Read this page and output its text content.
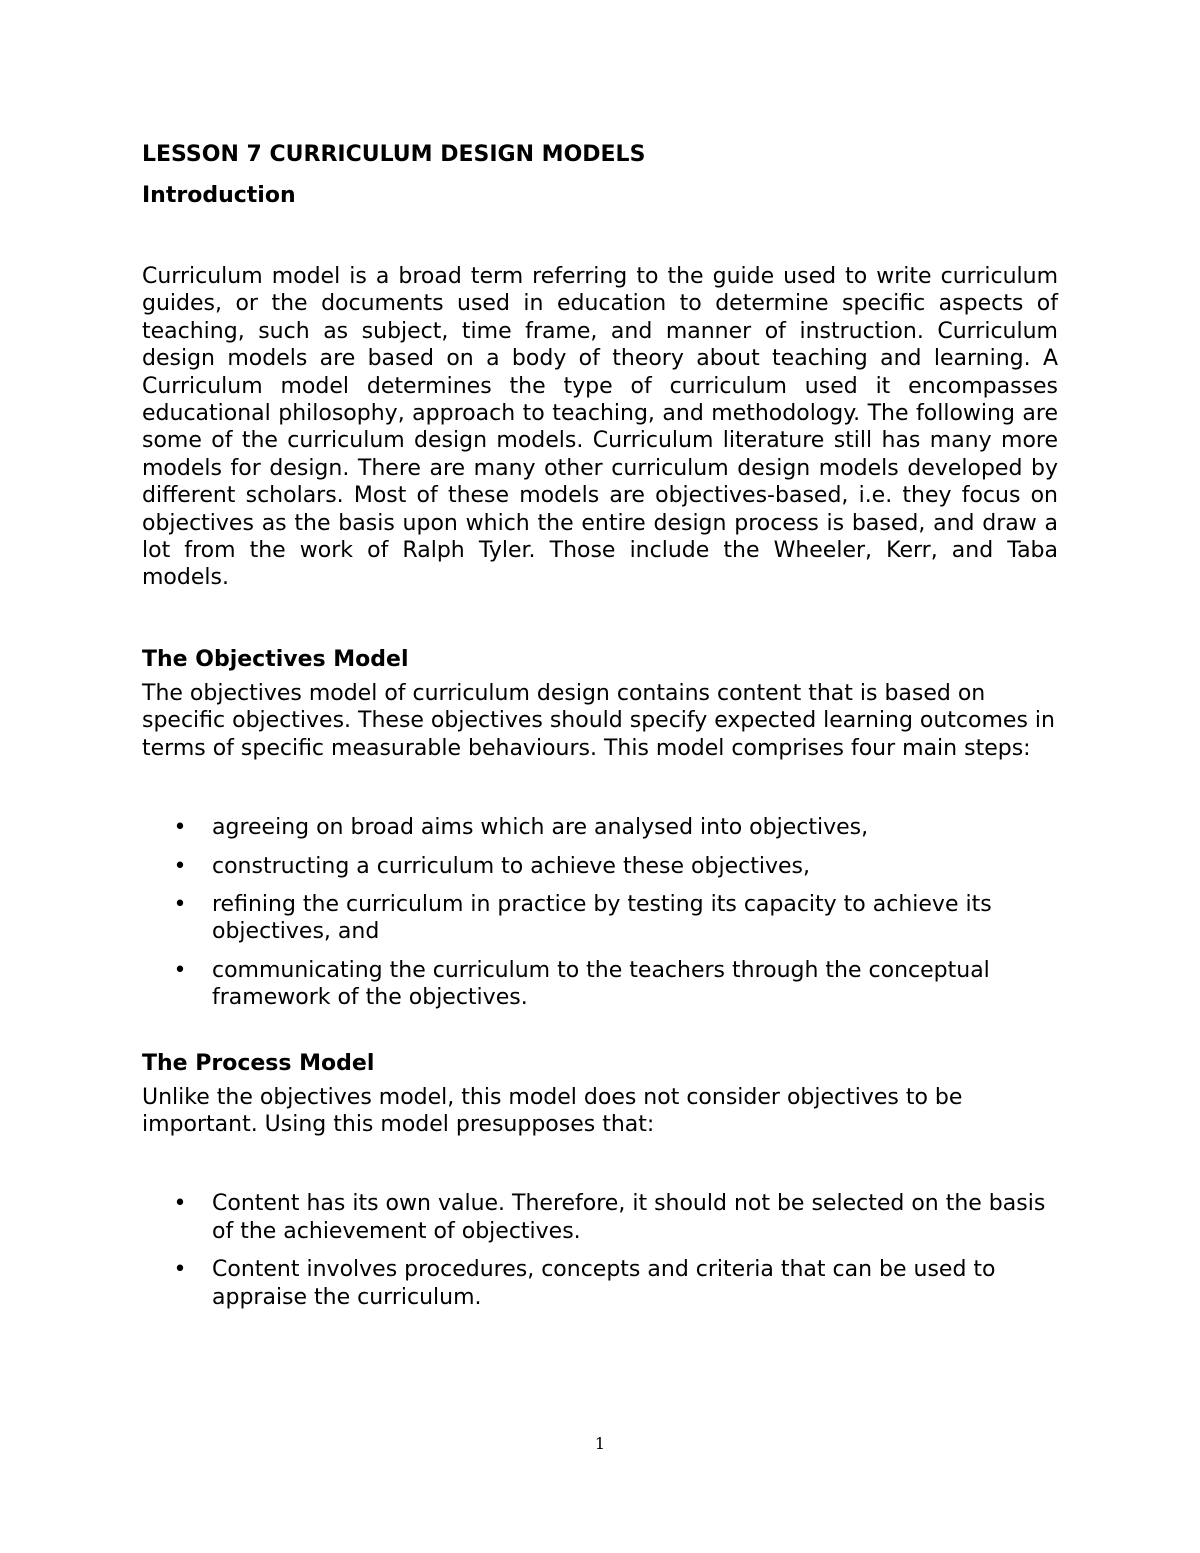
LESSON 7 CURRICULUM DESIGN MODELS
Introduction

Curriculum model is a broad term referring to the guide used to write curriculum guides, or the documents used in education to determine specific aspects of teaching, such as subject, time frame, and manner of instruction. Curriculum design models are based on a body of theory about teaching and learning. A Curriculum model determines the type of curriculum used it encompasses educational philosophy, approach to teaching, and methodology. The following are some of the curriculum design models. Curriculum literature still has many more models for design. There are many other curriculum design models developed by different scholars. Most of these models are objectives-based, i.e. they focus on objectives as the basis upon which the entire design process is based, and draw a lot from the work of Ralph Tyler. Those include the Wheeler, Kerr, and Taba models.

The Objectives Model

The objectives model of curriculum design contains content that is based on specific objectives. These objectives should specify expected learning outcomes in terms of specific measurable behaviours. This model comprises four main steps:

• agreeing on broad aims which are analysed into objectives,
• constructing a curriculum to achieve these objectives,
• refining the curriculum in practice by testing its capacity to achieve its objectives, and
• communicating the curriculum to the teachers through the conceptual framework of the objectives.
The Process Model

Unlike the objectives model, this model does not consider objectives to be important. Using this model presupposes that:

• Content has its own value. Therefore, it should not be selected on the basis of the achievement of objectives.
• Content involves procedures, concepts and criteria that can be used to appraise the curriculum.
1
